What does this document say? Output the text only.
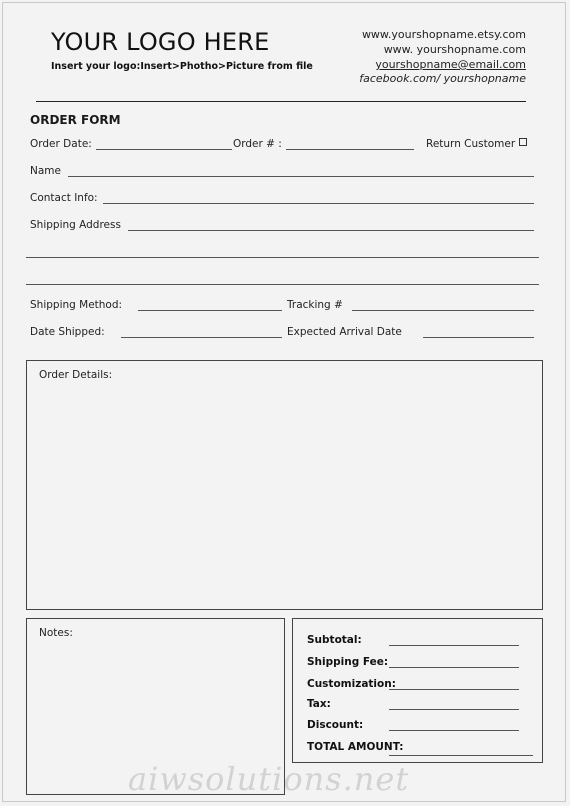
YOUR LOGO HERE
Insert your logo:Insert>Photho>Picture from file
www.yourshopname.etsy.com
www. yourshopname.com
yourshopname@email.com
facebook.com/ yourshopname
ORDER FORM
Order Date:	Order # :	Return Customer
Name
Contact Info:
Shipping Address
Shipping Method:	Tracking #
Date Shipped:	Expected Arrival Date
Order Details:
Notes:
Subtotal:
Shipping Fee:
Customization:
Tax:
Discount:
TOTAL AMOUNT:
aiwsolutions.net
